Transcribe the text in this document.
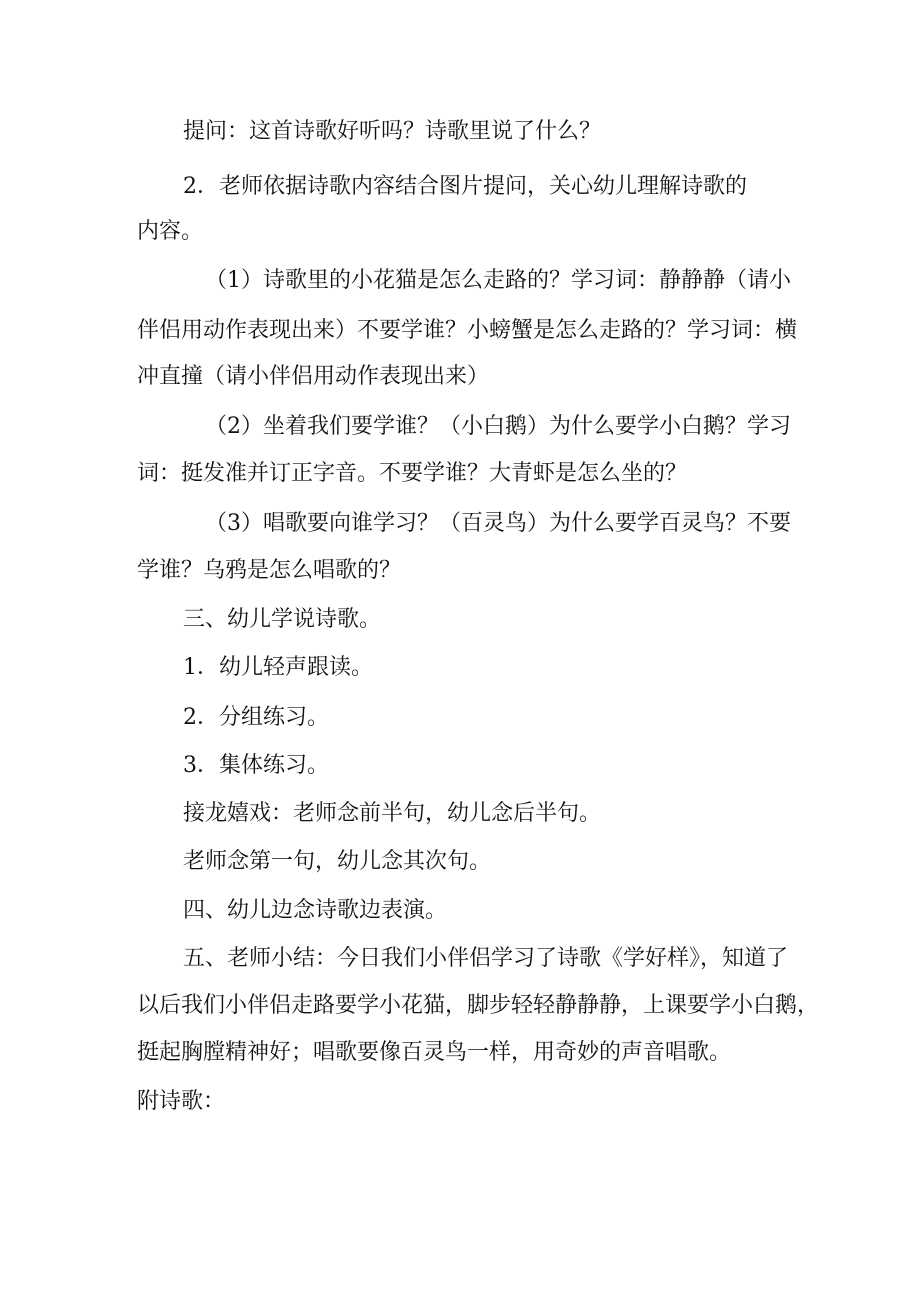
提问：这首诗歌好听吗？诗歌里说了什么？
2．老师依据诗歌内容结合图片提问，关心幼儿理解诗歌的
内容。
（1）诗歌里的小花猫是怎么走路的？学习词：静静静（请小
伴侣用动作表现出来）不要学谁？小螃蟹是怎么走路的？学习词：横
冲直撞（请小伴侣用动作表现出来）
（2）坐着我们要学谁？（小白鹅）为什么要学小白鹅？学习
词：挺发准并订正字音。不要学谁？大青虾是怎么坐的？
（3）唱歌要向谁学习？（百灵鸟）为什么要学百灵鸟？不要
学谁？乌鸦是怎么唱歌的？
三、幼儿学说诗歌。
1．幼儿轻声跟读。
2．分组练习。
3．集体练习。
接龙嬉戏：老师念前半句，幼儿念后半句。
老师念第一句，幼儿念其次句。
四、幼儿边念诗歌边表演。
五、老师小结：今日我们小伴侣学习了诗歌《学好样》，知道了
以后我们小伴侣走路要学小花猫，脚步轻轻静静静，上课要学小白鹅，
挺起胸膛精神好；唱歌要像百灵鸟一样，用奇妙的声音唱歌。
附诗歌：
